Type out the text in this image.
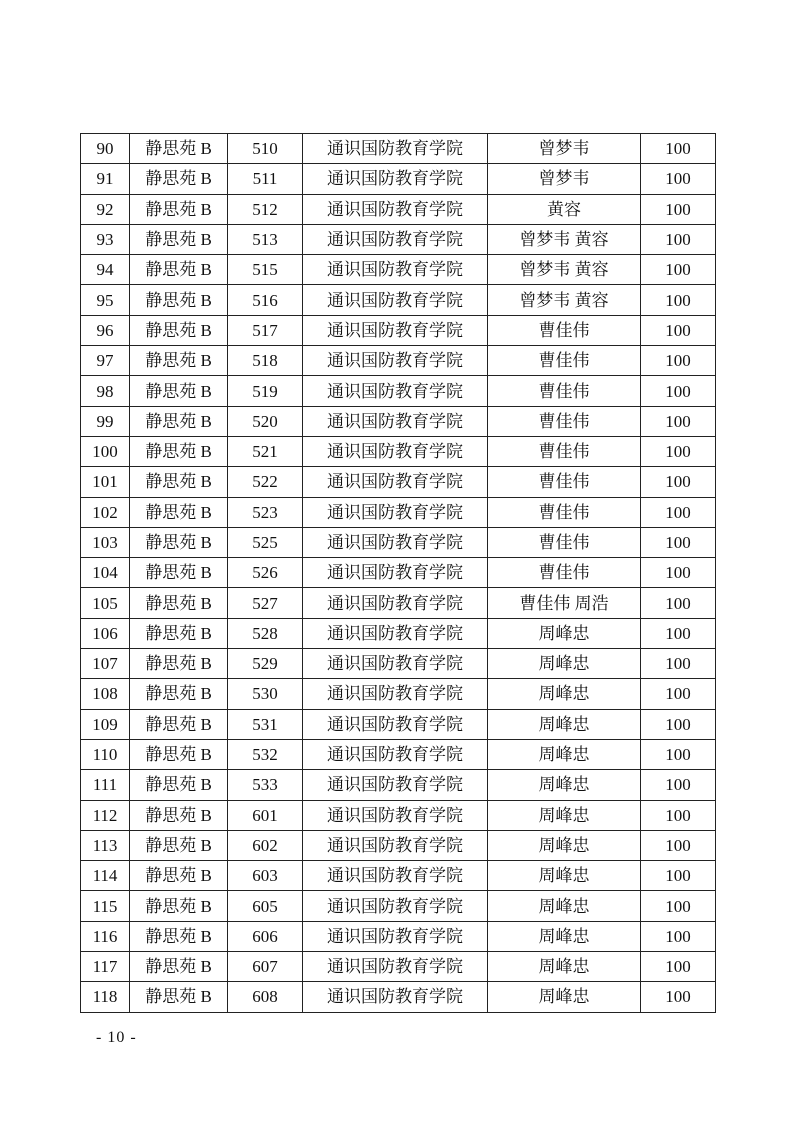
90	静思苑 B	510	通识国防教育学院	曾梦韦	100
91	静思苑 B	511	通识国防教育学院	曾梦韦	100
92	静思苑 B	512	通识国防教育学院	黄容	100
93	静思苑 B	513	通识国防教育学院	曾梦韦 黄容	100
94	静思苑 B	515	通识国防教育学院	曾梦韦 黄容	100
95	静思苑 B	516	通识国防教育学院	曾梦韦 黄容	100
96	静思苑 B	517	通识国防教育学院	曹佳伟	100
97	静思苑 B	518	通识国防教育学院	曹佳伟	100
98	静思苑 B	519	通识国防教育学院	曹佳伟	100
99	静思苑 B	520	通识国防教育学院	曹佳伟	100
100	静思苑 B	521	通识国防教育学院	曹佳伟	100
101	静思苑 B	522	通识国防教育学院	曹佳伟	100
102	静思苑 B	523	通识国防教育学院	曹佳伟	100
103	静思苑 B	525	通识国防教育学院	曹佳伟	100
104	静思苑 B	526	通识国防教育学院	曹佳伟	100
105	静思苑 B	527	通识国防教育学院	曹佳伟 周浩	100
106	静思苑 B	528	通识国防教育学院	周峰忠	100
107	静思苑 B	529	通识国防教育学院	周峰忠	100
108	静思苑 B	530	通识国防教育学院	周峰忠	100
109	静思苑 B	531	通识国防教育学院	周峰忠	100
110	静思苑 B	532	通识国防教育学院	周峰忠	100
111	静思苑 B	533	通识国防教育学院	周峰忠	100
112	静思苑 B	601	通识国防教育学院	周峰忠	100
113	静思苑 B	602	通识国防教育学院	周峰忠	100
114	静思苑 B	603	通识国防教育学院	周峰忠	100
115	静思苑 B	605	通识国防教育学院	周峰忠	100
116	静思苑 B	606	通识国防教育学院	周峰忠	100
117	静思苑 B	607	通识国防教育学院	周峰忠	100
118	静思苑 B	608	通识国防教育学院	周峰忠	100
- 10 -
